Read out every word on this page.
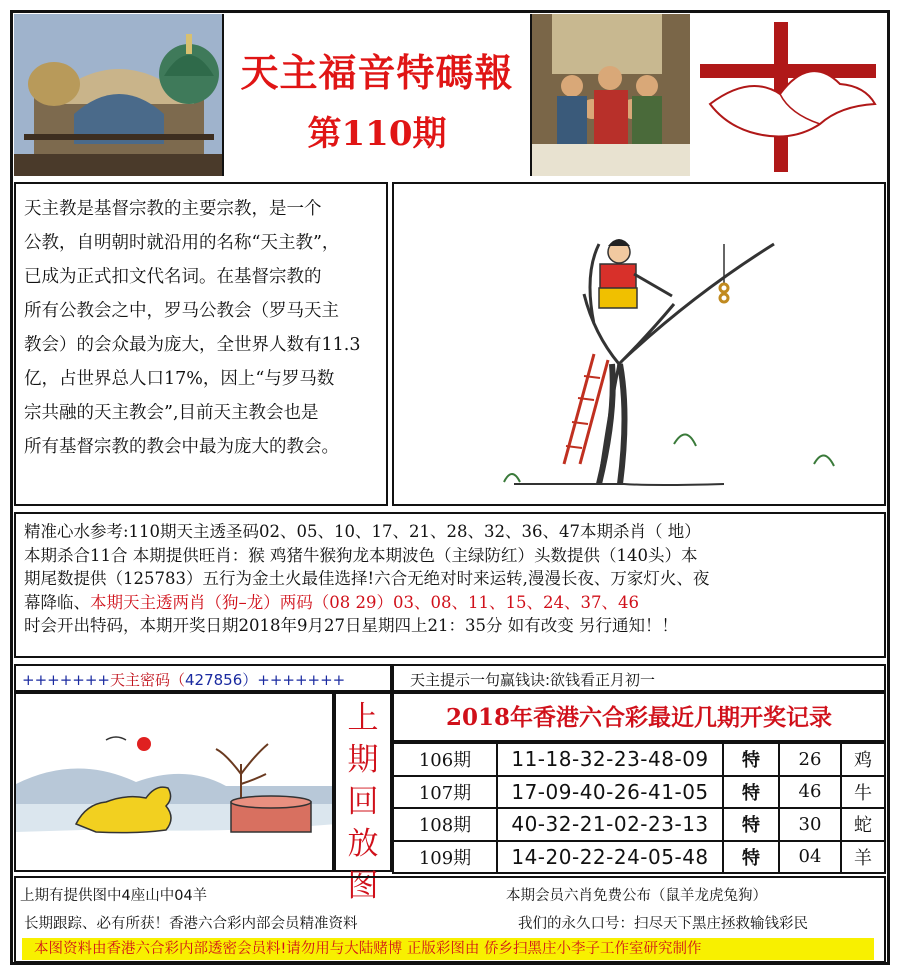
天主福音特碼報
第110期

天主教是基督宗教的主要宗教，是一个

公教，自明朝时就沿用的名称“天主教”，

已成为正式扣文代名词。在基督宗教的

所有公教会之中，罗马公教会（罗马天主

教会）的会众最为庞大，全世界人数有11.3

亿，占世界总人口17%，因上“与罗马数

宗共融的天主教会”,目前天主教会也是

所有基督宗教的教会中最为庞大的教会。

精准心水参考:110期天主透圣码02、05、10、17、21、28、32、36、47本期杀肖（ 地）
本期杀合11合 本期提供旺肖：猴 鸡猪牛猴狗龙本期波色（主绿防红）头数提供（140头）本
期尾数提供（125783）五行为金土火最佳选择!六合无绝对时来运转,漫漫长夜、万家灯火、夜
幕降临、本期天主透两肖（狗–龙）两码（08 29）03、08、11、15、24、37、46
时会开出特码，本期开奖日期2018年9月27日星期四上21：35分 如有改变 另行通知！！
+++++++天主密码（427856）+++++++	天主提示一句赢钱诀:欲钱看正月初一
上
期
回
放
图
2018年香港六合彩最近几期开奖记录
106期	11-18-32-23-48-09	特	26	鸡
107期	17-09-40-26-41-05	特	46	牛
108期	40-32-21-02-23-13	特	30	蛇
109期	14-20-22-24-05-48	特	04	羊
上期有提供图中4座山中04羊	本期会员六肖免费公布（鼠羊龙虎兔狗）
长期跟踪、必有所获！香港六合彩内部会员精准资料	我们的永久口号：扫尽天下黑庄拯救输钱彩民
本图资料由香港六合彩内部透密会员料!请勿用与大陆赌博 正版彩图由 侨乡扫黑庄小李子工作室研究制作
